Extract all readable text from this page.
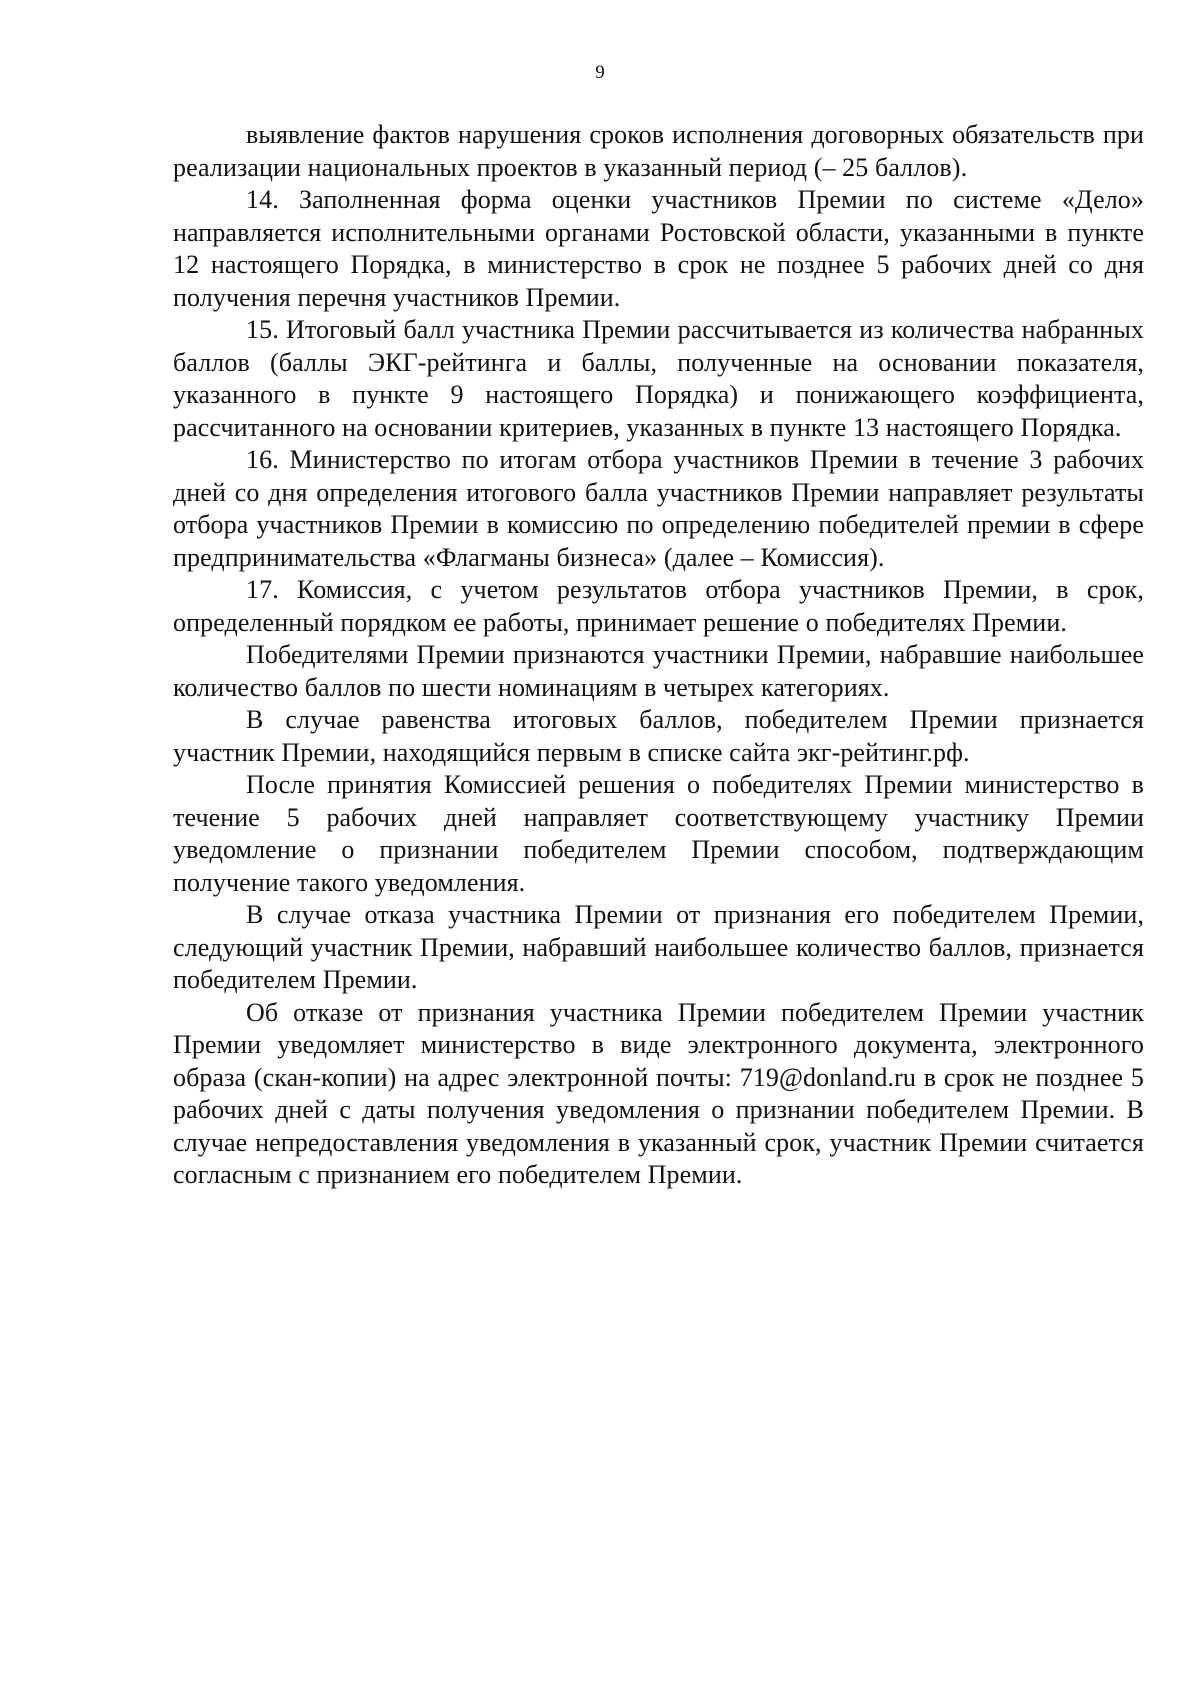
9

выявление фактов нарушения сроков исполнения договорных обязательств при реализации национальных проектов в указанный период (– 25 баллов).

14. Заполненная форма оценки участников Премии по системе «Дело» направляется исполнительными органами Ростовской области, указанными в пункте 12 настоящего Порядка, в министерство в срок не позднее 5 рабочих дней со дня получения перечня участников Премии.

15. Итоговый балл участника Премии рассчитывается из количества набранных баллов (баллы ЭКГ-рейтинга и баллы, полученные на основании показателя, указанного в пункте 9 настоящего Порядка) и понижающего коэффициента, рассчитанного на основании критериев, указанных в пункте 13 настоящего Порядка.

16. Министерство по итогам отбора участников Премии в течение 3 рабочих дней со дня определения итогового балла участников Премии направляет результаты отбора участников Премии в комиссию по определению победителей премии в сфере предпринимательства «Флагманы бизнеса» (далее – Комиссия).

17. Комиссия, с учетом результатов отбора участников Премии, в срок, определенный порядком ее работы, принимает решение о победителях Премии.

Победителями Премии признаются участники Премии, набравшие наибольшее количество баллов по шести номинациям в четырех категориях.

В случае равенства итоговых баллов, победителем Премии признается участник Премии, находящийся первым в списке сайта экг-рейтинг.рф.

После принятия Комиссией решения о победителях Премии министерство в течение 5 рабочих дней направляет соответствующему участнику Премии уведомление о признании победителем Премии способом, подтверждающим получение такого уведомления.

В случае отказа участника Премии от признания его победителем Премии, следующий участник Премии, набравший наибольшее количество баллов, признается победителем Премии.

Об отказе от признания участника Премии победителем Премии участник Премии уведомляет министерство в виде электронного документа, электронного образа (скан-копии) на адрес электронной почты: 719@donland.ru в срок не позднее 5 рабочих дней с даты получения уведомления о признании победителем Премии. В случае непредоставления уведомления в указанный срок, участник Премии считается согласным с признанием его победителем Премии.
